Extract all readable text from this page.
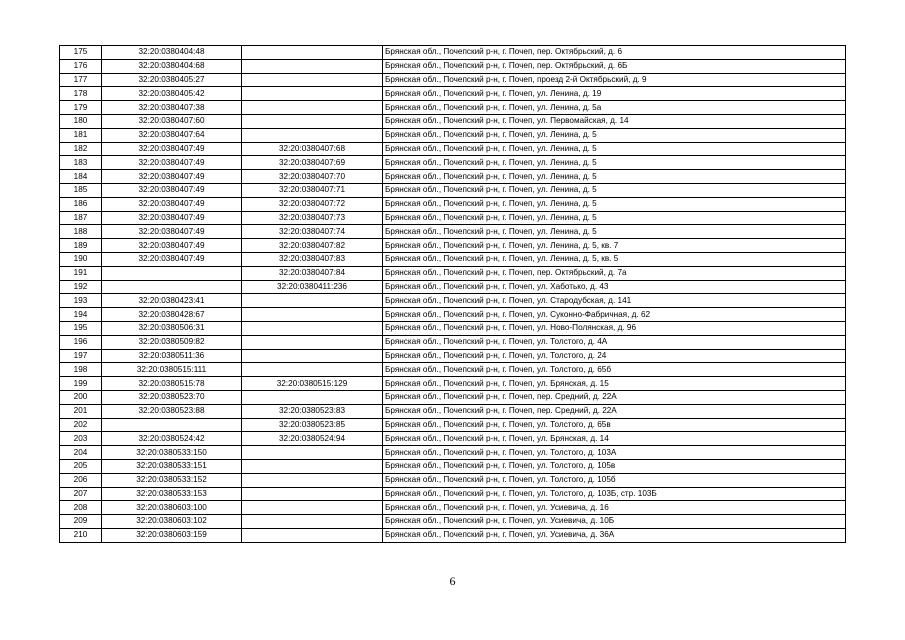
175	32:20:0380404:48		Брянская обл., Почепский р-н, г. Почеп, пер. Октябрьский, д. 6
176	32:20:0380404:68		Брянская обл., Почепский р-н, г. Почеп, пер. Октябрьский, д. 6Б
177	32:20:0380405:27		Брянская обл., Почепский р-н, г. Почеп, проезд 2-й Октябрьский, д. 9
178	32:20:0380405:42		Брянская обл., Почепский р-н, г. Почеп, ул. Ленина, д. 19
179	32:20:0380407:38		Брянская обл., Почепский р-н, г. Почеп, ул. Ленина, д. 5а
180	32:20:0380407:60		Брянская обл., Почепский р-н, г. Почеп, ул. Первомайская, д. 14
181	32:20:0380407:64		Брянская обл., Почепский р-н, г. Почеп, ул. Ленина, д. 5
182	32:20:0380407:49	32:20:0380407:68	Брянская обл., Почепский р-н, г. Почеп, ул. Ленина, д. 5
183	32:20:0380407:49	32:20:0380407:69	Брянская обл., Почепский р-н, г. Почеп, ул. Ленина, д. 5
184	32:20:0380407:49	32:20:0380407:70	Брянская обл., Почепский р-н, г. Почеп, ул. Ленина, д. 5
185	32:20:0380407:49	32:20:0380407:71	Брянская обл., Почепский р-н, г. Почеп, ул. Ленина, д. 5
186	32:20:0380407:49	32:20:0380407:72	Брянская обл., Почепский р-н, г. Почеп, ул. Ленина, д. 5
187	32:20:0380407:49	32:20:0380407:73	Брянская обл., Почепский р-н, г. Почеп, ул. Ленина, д. 5
188	32:20:0380407:49	32:20:0380407:74	Брянская обл., Почепский р-н, г. Почеп, ул. Ленина, д. 5
189	32:20:0380407:49	32:20:0380407:82	Брянская обл., Почепский р-н, г. Почеп, ул. Ленина, д. 5, кв. 7
190	32:20:0380407:49	32:20:0380407:83	Брянская обл., Почепский р-н, г. Почеп, ул. Ленина, д. 5, кв. 5
191		32:20:0380407:84	Брянская обл., Почепский р-н, г. Почеп, пер. Октябрьский, д. 7а
192		32:20:0380411:236	Брянская обл., Почепский р-н, г. Почеп, ул. Хаботько, д. 43
193	32:20:0380423:41		Брянская обл., Почепский р-н, г. Почеп, ул. Стародубская, д. 141
194	32:20:0380428:67		Брянская обл., Почепский р-н, г. Почеп, ул. Суконно-Фабричная, д. 62
195	32:20:0380506:31		Брянская обл., Почепский р-н, г. Почеп, ул. Ново-Полянская, д. 96
196	32:20:0380509:82		Брянская обл., Почепский р-н, г. Почеп, ул. Толстого, д. 4А
197	32:20:0380511:36		Брянская обл., Почепский р-н, г. Почеп, ул. Толстого, д. 24
198	32:20:0380515:111		Брянская обл., Почепский р-н, г. Почеп, ул. Толстого, д. 65б
199	32:20:0380515:78	32:20:0380515:129	Брянская обл., Почепский р-н, г. Почеп, ул. Брянская, д. 15
200	32:20:0380523:70		Брянская обл., Почепский р-н, г. Почеп, пер. Средний, д. 22А
201	32:20:0380523:88	32:20:0380523:83	Брянская обл., Почепский р-н, г. Почеп, пер. Средний, д. 22А
202		32:20:0380523:85	Брянская обл., Почепский р-н, г. Почеп, ул. Толстого, д. 65в
203	32:20:0380524:42	32:20:0380524:94	Брянская обл., Почепский р-н, г. Почеп, ул. Брянская, д. 14
204	32:20:0380533:150		Брянская обл., Почепский р-н, г. Почеп, ул. Толстого, д. 103А
205	32:20:0380533:151		Брянская обл., Почепский р-н, г. Почеп, ул. Толстого, д. 105в
206	32:20:0380533:152		Брянская обл., Почепский р-н, г. Почеп, ул. Толстого, д. 105б
207	32:20:0380533:153		Брянская обл., Почепский р-н, г. Почеп, ул. Толстого, д. 103Б, стр. 103Б
208	32:20:0380603:100		Брянская обл., Почепский р-н, г. Почеп, ул. Усиевича, д. 16
209	32:20:0380603:102		Брянская обл., Почепский р-н, г. Почеп, ул. Усиевича, д. 10Б
210	32:20:0380603:159		Брянская обл., Почепский р-н, г. Почеп, ул. Усиевича, д. 36А
6
